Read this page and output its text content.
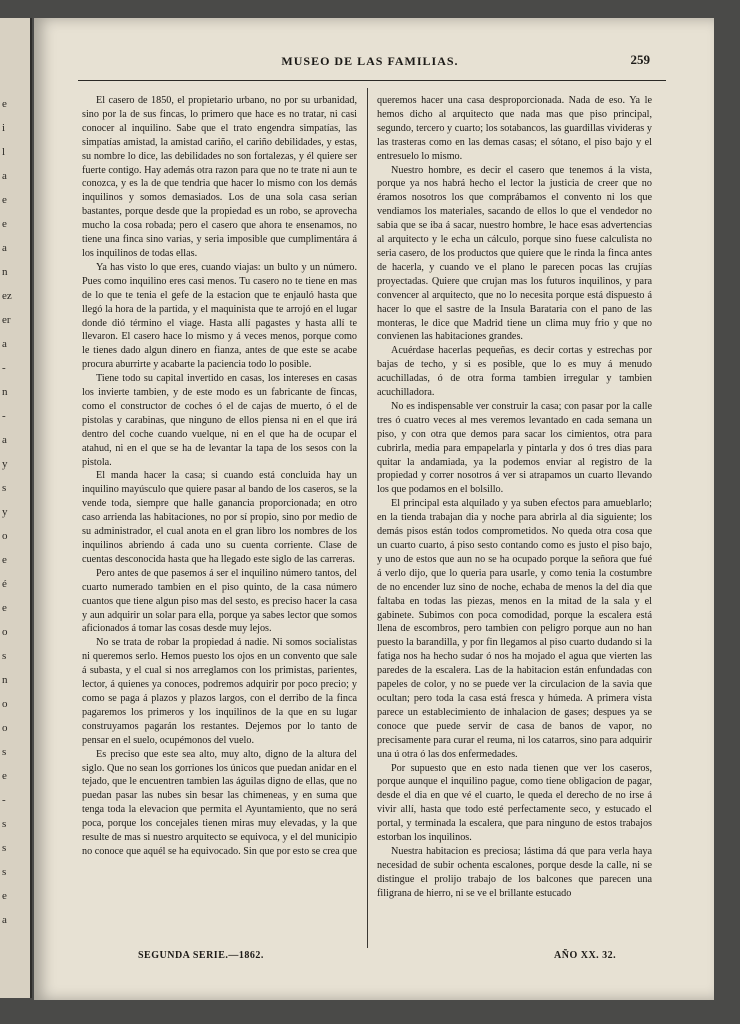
e
i
l
a
e
e
a
n
ez
er
a
-
n
-
a
y
s
y
o
e
é
e
o
s
n
o
o
s
e
-
s
s
s
e
a
MUSEO DE LAS FAMILIAS.	259

El casero de 1850, el propietario urbano, no por su urbanidad, sino por la de sus fincas, lo primero que hace es no tratar, ni casi conocer al inquilino. Sabe que el trato engendra simpatías, las simpatías amistad, la amistad cariño, el cariño debilidades, y estas, su nombre lo dice, las debilidades no son fortalezas, y él quiere ser fuerte contigo. Hay además otra razon para que no te trate ni aun te conozca, y es la de que tendria que hacer lo mismo con los demás inquilinos y somos demasiados. Los de una sola casa serian bastantes, porque desde que la propiedad es un robo, se aprovecha mucho la cosa robada; pero el casero que ahora te ensenamos, no tiene una finca sino varias, y seria imposible que cumplimentára á los inquilinos de todas ellas.

Ya has visto lo que eres, cuando viajas: un bulto y un número. Pues como inquilino eres casi menos. Tu casero no te tiene en mas de lo que te tenia el gefe de la estacion que te enjauló hasta que llegó la hora de la partida, y el maquinista que te arrojó en el lugar donde dió término el viage. Hasta allí pagastes y hasta allí te llevaron. El casero hace lo mismo y á veces menos, porque como le tienes dado algun dinero en fianza, antes de que este se acabe procura aburrirte y acabarte la paciencia todo lo posible.

Tiene todo su capital invertido en casas, los intereses en casas los invierte tambien, y de este modo es un fabricante de fincas, como el constructor de coches ó el de cajas de muerto, ó el de pistolas y carabinas, que ninguno de ellos piensa ni en el que irá dentro del coche cuando vuelque, ni en el que ha de ocupar el atahud, ni en el que se ha de levantar la tapa de los sesos con la pistola.

El manda hacer la casa; si cuando está concluida hay un inquilino mayúsculo que quiere pasar al bando de los caseros, se la vende toda, siempre que halle ganancia proporcionada; en otro caso arrienda las habitaciones, no por sí propio, sino por medio de su administrador, el cual anota en el gran libro los nombres de los inquilinos abriendo á cada uno su cuenta corriente. Clase de cuentas desconocida hasta que ha llegado este siglo de las carreras.

Pero antes de que pasemos á ser el inquilino número tantos, del cuarto numerado tambien en el piso quinto, de la casa número cuantos que tiene algun piso mas del sesto, es preciso hacer la casa y aun adquirir un solar para ella, porque ya sabes lector que somos aficionados á tomar las cosas desde muy lejos.

No se trata de robar la propiedad á nadie. Ni somos socialistas ni queremos serlo. Hemos puesto los ojos en un convento que sale á subasta, y el cual si nos arreglamos con los primistas, parientes, lector, á quienes ya conoces, podremos adquirir por poco precio; y como se paga á plazos y plazos largos, con el derribo de la finca pagaremos los primeros y los inquilinos de la que en su lugar construyamos pagarán los restantes. Dejemos por lo tanto de pensar en el suelo, ocupémonos del vuelo.

Es preciso que este sea alto, muy alto, digno de la altura del siglo. Que no sean los gorriones los únicos que puedan anidar en el tejado, que le encuentren tambien las águilas digno de ellas, que no puedan pasar las nubes sin besar las chimeneas, y en suma que tenga toda la elevacion que permita el Ayuntamiento, que no será poca, porque los concejales tienen miras muy elevadas, y la que resulte de mas si nuestro arquitecto se equivoca, y el del municipio no conoce que aquél se ha equivocado. Sin que por esto se crea que

queremos hacer una casa desproporcionada. Nada de eso. Ya le hemos dicho al arquitecto que nada mas que piso principal, segundo, tercero y cuarto; los sotabancos, las guardillas vivideras y las trasteras como en las demas casas; el sótano, el piso bajo y el entresuelo lo mismo.

Nuestro hombre, es decir el casero que tenemos á la vista, porque ya nos habrá hecho el lector la justicia de creer que no éramos nosotros los que comprábamos el convento ni los que vendiamos los materiales, sacando de ellos lo que el vendedor no sabia que se iba á sacar, nuestro hombre, le hace esas advertencias al arquitecto y le echa un cálculo, porque sino fuese calculista no seria casero, de los productos que quiere que le rinda la finca antes de hacerla, y cuando ve el plano le parecen pocas las crujías proyectadas. Quiere que crujan mas los futuros inquilinos, y para convencer al arquitecto, que no lo necesita porque está dispuesto á hacer lo que el sastre de la Insula Barataria con el pano de las monteras, le dice que Madrid tiene un clima muy frio y que no convienen las habitaciones grandes.

Acuérdase hacerlas pequeñas, es decir cortas y estrechas por bajas de techo, y si es posible, que lo es muy á menudo acuchilladas, ó de otra forma tambien irregular y tambien acuchilladora.

No es indispensable ver construir la casa; con pasar por la calle tres ó cuatro veces al mes veremos levantado en cada semana un piso, y con otra que demos para sacar los cimientos, otra para cubrirla, media para empapelarla y pintarla y dos ó tres dias para quitar la andamiada, ya la podemos enviar al registro de la propiedad y correr nosotros á ver si atrapamos un cuarto llevando los que podamos en el bolsillo.

El principal esta alquilado y ya suben efectos para amueblarlo; en la tienda trabajan dia y noche para abrirla al dia siguiente; los demás pisos están todos comprometidos. No queda otra cosa que un cuarto cuarto, á piso sesto contando como es justo el piso bajo, y uno de estos que aun no se ha ocupado porque la señora que fué á verlo dijo, que lo queria para usarle, y como tenia la costumbre de no encender luz sino de noche, echaba de menos la del dia que faltaba en todas las piezas, menos en la mitad de la sala y el gabinete. Subimos con poca comodidad, porque la escalera está llena de escombros, pero tambien con peligro porque aun no han puesto la barandilla, y por fin llegamos al piso cuarto dudando si la fatiga nos ha hecho sudar ó nos ha mojado el agua que vierten las paredes de la escalera. Las de la habitacion están enfundadas con papeles de color, y no se puede ver la circulacion de la savia que ocultan; pero toda la casa está fresca y húmeda. A primera vista parece un establecimiento de inhalacion de gases; despues ya se conoce que puede servir de casa de banos de vapor, no precisamente para curar el reuma, ni los catarros, sino para adquirir una ú otra ó las dos enfermedades.

Por supuesto que en esto nada tienen que ver los caseros, porque aunque el inquilino pague, como tiene obligacion de pagar, desde el dia en que vé el cuarto, le queda el derecho de no irse á vivir allí, hasta que todo esté perfectamente seco, y estucado el portal, y terminada la escalera, que para ninguno de estos trabajos estorban los inquilinos.

Nuestra habitacion es preciosa; lástima dá que para verla haya necesidad de subir ochenta escalones, porque desde la calle, ni se distingue el prolijo trabajo de los balcones que parecen una filigrana de hierro, ni se ve el brillante estucado

SEGUNDA SERIE.—1862.	AÑO XX. 32.
